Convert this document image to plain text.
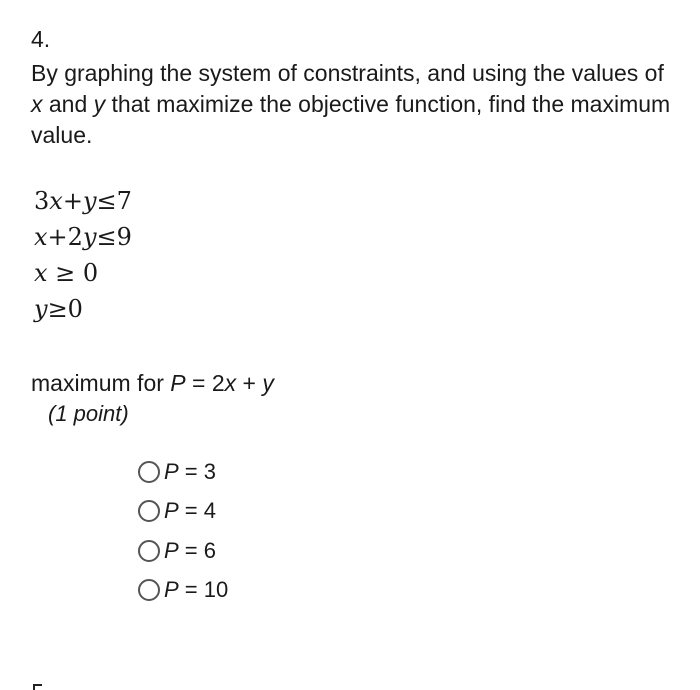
4.
By graphing the system of constraints, and using the values of x and y that maximize the objective function, find the maximum value.
3x+y≤7
x+2y≤9
x ≥ 0
y≥0
maximum for P = 2x + y
(1 point)
P = 3
P = 4
P = 6
P = 10
